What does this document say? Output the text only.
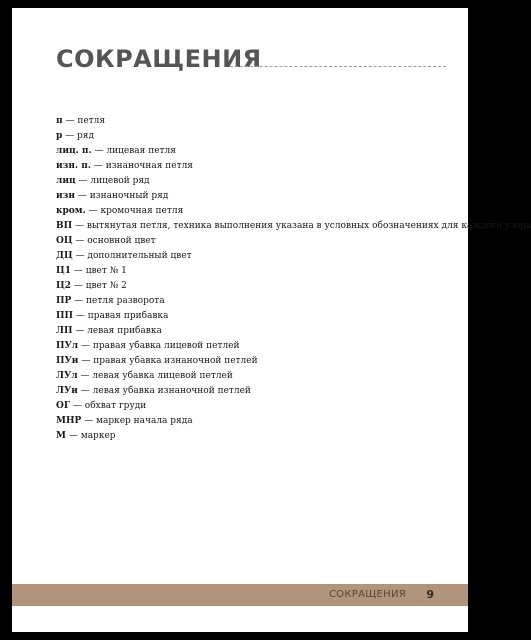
СОКРАЩЕНИЯ
п — петля
р — ряд
лиц. п. — лицевая петля
изн. п. — изнаночная петля
лиц — лицевой ряд
изн — изнаночный ряд
кром. — кромочная петля
ВП — вытянутая петля, техника выполнения указана в условных обозначениях для каждого узора
ОЦ — основной цвет
ДЦ — дополнительный цвет
Ц1 — цвет № 1
Ц2 — цвет № 2
ПР — петля разворота
ПП — правая прибавка
ЛП — левая прибавка
ПУл — правая убавка лицевой петлей
ПУи — правая убавка изнаночной петлей
ЛУл — левая убавка лицевой петлей
ЛУи — левая убавка изнаночной петлей
ОГ — обхват груди
МНР — маркер начала ряда
М — маркер
СОКРАЩЕНИЯ 9
